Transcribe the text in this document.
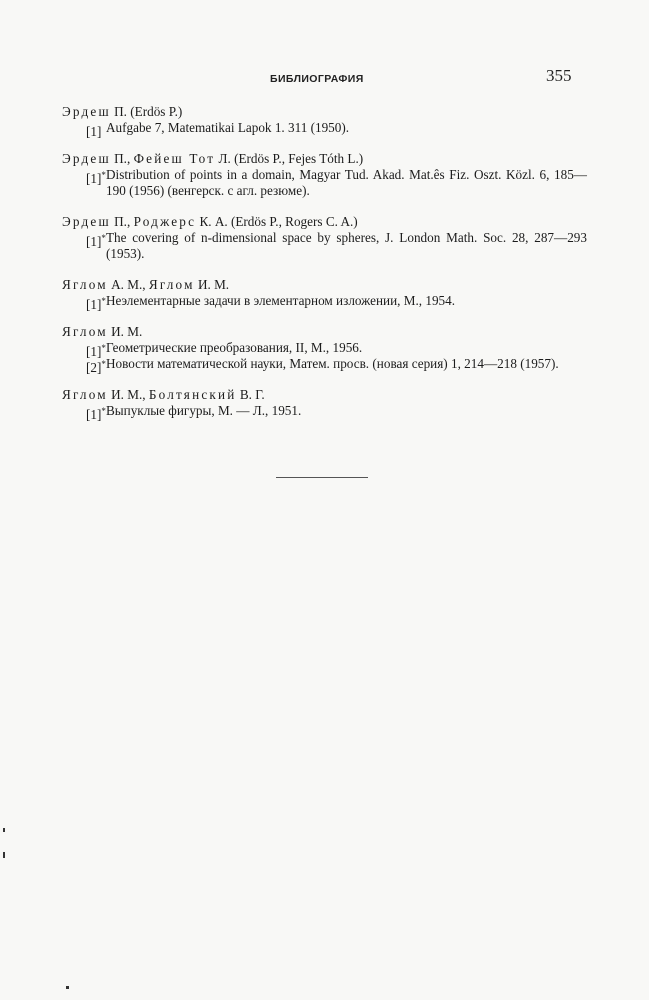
БИБЛИОГРАФИЯ	355
Эрдеш П. (Erdös P.)
[1] Aufgabe 7, Matematikai Lapok 1. 311 (1950).
Эрдеш П., Фейеш Тот Л. (Erdös P., Fejes Tóth L.)
[1]* Distribution of points in a domain, Magyar Tud. Akad. Mat.ês Fiz. Oszt. Közl. 6, 185—190 (1956) (венгерск. с агл. резюме).
Эрдеш П., Роджерс К. А. (Erdös P., Rogers C. A.)
[1]* The covering of n-dimensional space by spheres, J. London Math. Soc. 28, 287—293 (1953).
Яглом А. М., Яглом И. М.
[1]* Неэлементарные задачи в элементарном изложении, М., 1954.
Яглом И. М.
[1]* Геометрические преобразования, II, М., 1956.
[2]* Новости математической науки, Матем. просв. (новая серия) 1, 214—218 (1957).
Яглом И. М., Болтянский В. Г.
[1]* Выпуклые фигуры, М. — Л., 1951.
